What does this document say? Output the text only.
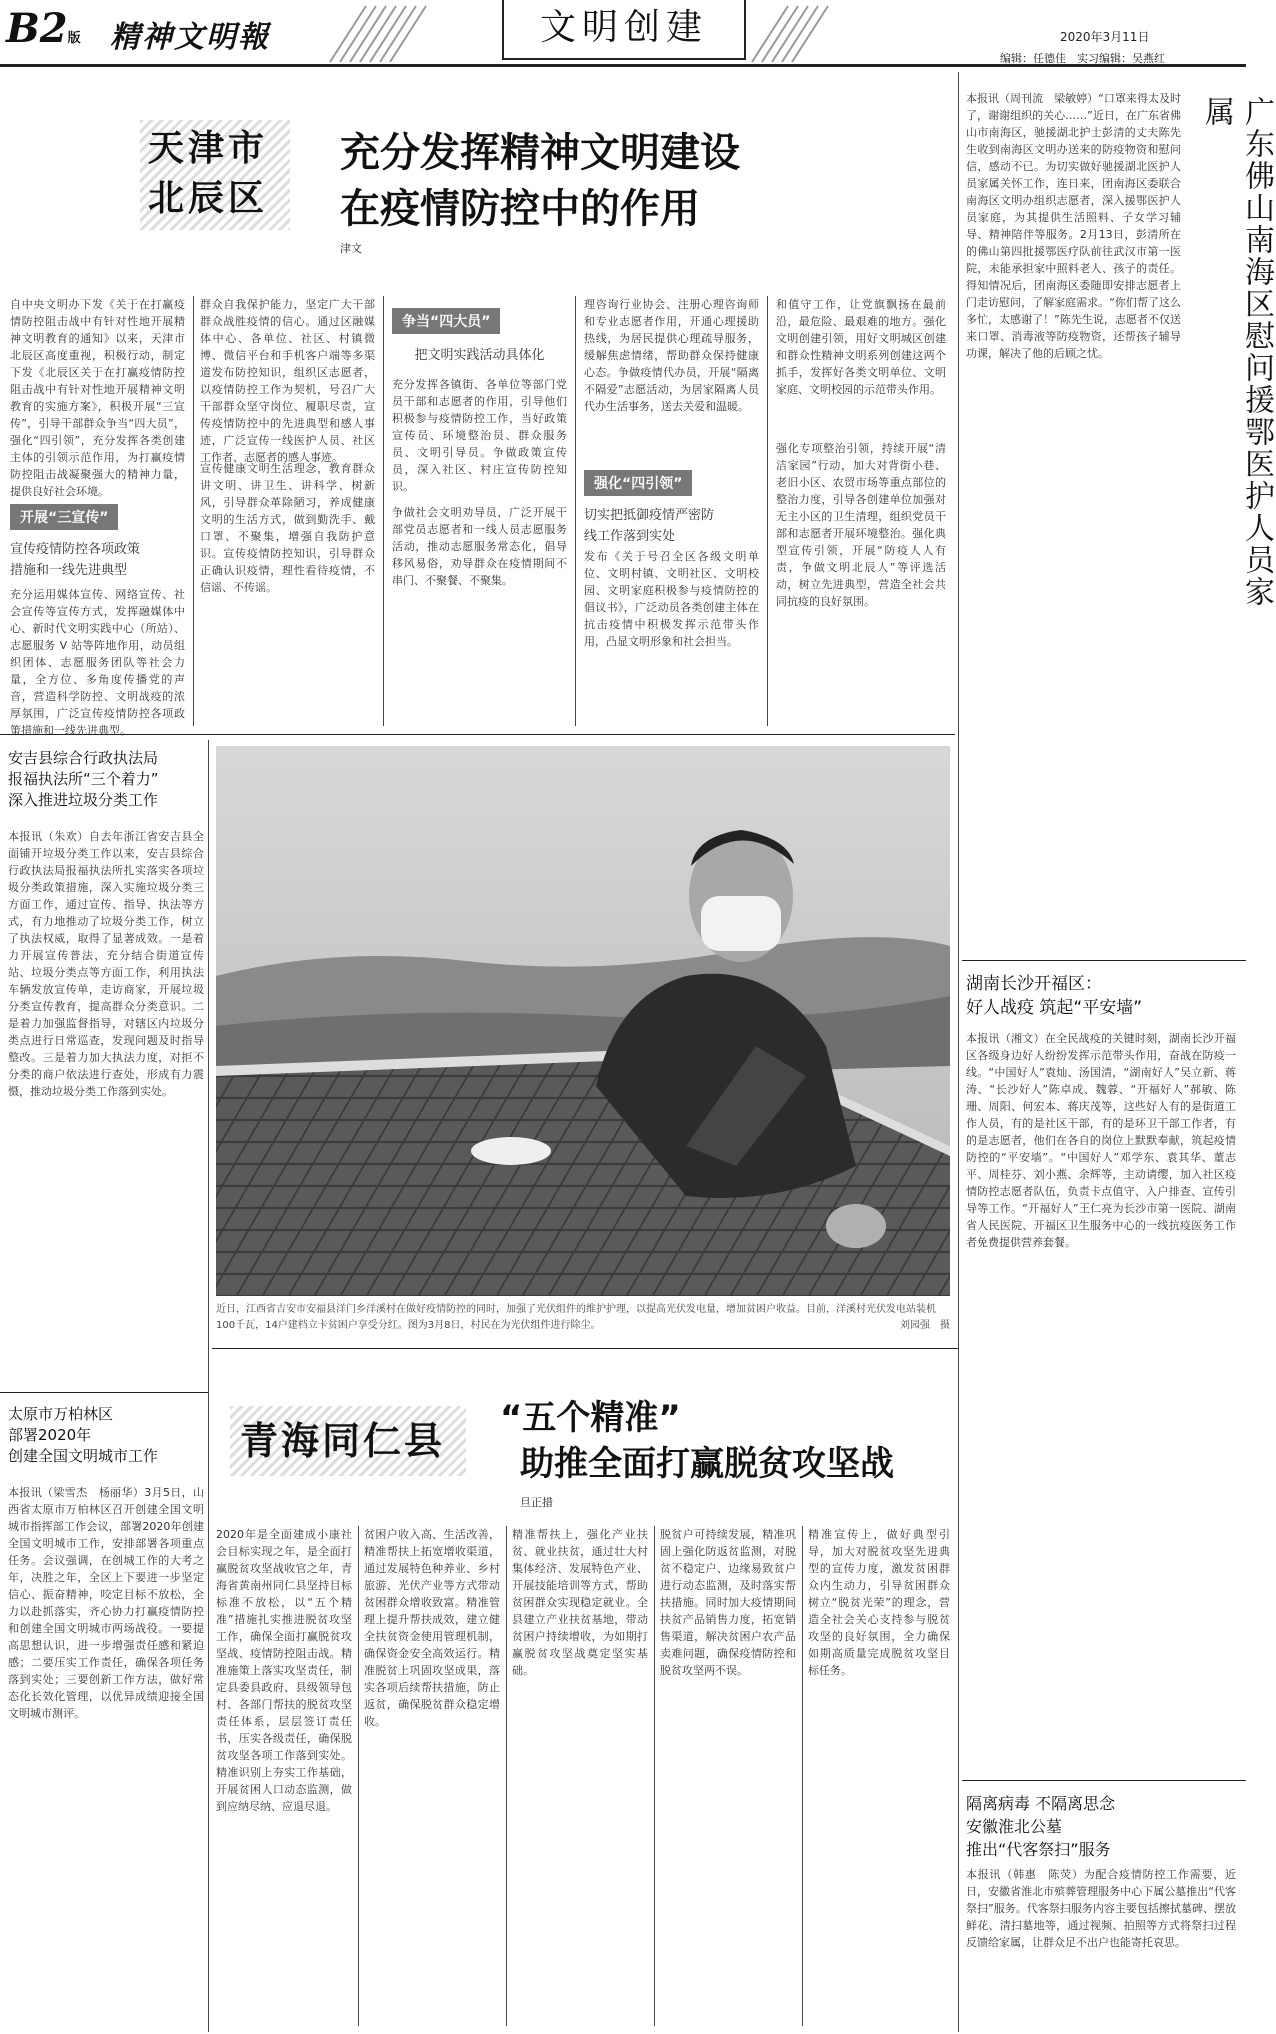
B2版 精神文明報	文明创建	2020年3月11日
编辑：任德佳　实习编辑：吴燕红
天津市
北辰区
充分发挥精神文明建设
在疫情防控中的作用
津文
自中央文明办下发《关于在打赢疫情防控阻击战中有针对性地开展精神文明教育的通知》以来，天津市北辰区高度重视，积极行动，制定下发《北辰区关于在打赢疫情防控阻击战中有针对性地开展精神文明教育的实施方案》，积极开展“三宣传”，引导干部群众争当“四大员”，强化“四引领”，充分发挥各类创建主体的引领示范作用，为打赢疫情防控阻击战凝聚强大的精神力量，提供良好社会环境。
开展“三宣传”
宣传疫情防控各项政策
措施和一线先进典型
充分运用媒体宣传、网络宣传、社会宣传等宣传方式，发挥融媒体中心、新时代文明实践中心（所站）、志愿服务 V 站等阵地作用，动员组织团体、志愿服务团队等社会力量，全方位、多角度传播党的声音，营造科学防控、文明战疫的浓厚氛围，广泛宣传疫情防控各项政策措施和一线先进典型。
群众自我保护能力，坚定广大干部群众战胜疫情的信心。通过区融媒体中心、各单位、社区、村镇微博、微信平台和手机客户端等多渠道发布防控知识，组织区志愿者，以疫情防控工作为契机，号召广大干部群众坚守岗位、履职尽责，宣传疫情防控中的先进典型和感人事迹，广泛宣传一线医护人员、社区工作者、志愿者的感人事迹。
宣传健康文明生活理念，教育群众讲文明、讲卫生、讲科学、树新风，引导群众革除陋习，养成健康文明的生活方式，做到勤洗手、戴口罩、不聚集，增强自我防护意识。宣传疫情防控知识，引导群众正确认识疫情，理性看待疫情，不信谣、不传谣。
争当“四大员”
把文明实践活动具体化
充分发挥各镇街、各单位等部门党员干部和志愿者的作用，引导他们积极参与疫情防控工作，当好政策宣传员、环境整治员、群众服务员、文明引导员。争做政策宣传员，深入社区、村庄宣传防控知识。
争做社会文明劝导员，广泛开展干部党员志愿者和一线人员志愿服务活动，推动志愿服务常态化，倡导移风易俗，劝导群众在疫情期间不串门、不聚餐、不聚集。
理咨询行业协会、注册心理咨询师和专业志愿者作用，开通心理援助热线，为居民提供心理疏导服务，缓解焦虑情绪，帮助群众保持健康心态。争做疫情代办员，开展“隔离不隔爱”志愿活动，为居家隔离人员代办生活事务，送去关爱和温暖。
强化“四引领”
切实把抵御疫情严密防
线工作落到实处
发布《关于号召全区各级文明单位、文明村镇、文明社区、文明校园、文明家庭积极参与疫情防控的倡议书》，广泛动员各类创建主体在抗击疫情中积极发挥示范带头作用，凸显文明形象和社会担当。
和值守工作，让党旗飘扬在最前沿，最危险、最艰难的地方。强化文明创建引领，用好文明城区创建和群众性精神文明系列创建这两个抓手，发挥好各类文明单位、文明家庭、文明校园的示范带头作用。
强化专项整治引领，持续开展“清洁家园”行动，加大对背街小巷、老旧小区、农贸市场等重点部位的整治力度，引导各创建单位加强对无主小区的卫生清理，组织党员干部和志愿者开展环境整治。强化典型宣传引领，开展“防疫人人有责，争做文明北辰人”等评选活动，树立先进典型，营造全社会共同抗疫的良好氛围。
本报讯（周刊流　梁敏婷）“口罩来得太及时了，谢谢组织的关心……”近日，在广东省佛山市南海区，驰援湖北护士彭清的丈夫陈先生收到南海区文明办送来的防疫物资和慰问信，感动不已。为切实做好驰援湖北医护人员家属关怀工作，连日来，团南海区委联合南海区文明办组织志愿者，深入援鄂医护人员家庭，为其提供生活照料、子女学习辅导、精神陪伴等服务。2月13日，彭清所在的佛山第四批援鄂医疗队前往武汉市第一医院，未能承担家中照料老人、孩子的责任。得知情况后，团南海区委随即安排志愿者上门走访慰问，了解家庭需求。“你们帮了这么多忙，太感谢了！”陈先生说，志愿者不仅送来口罩、消毒液等防疫物资，还帮孩子辅导功课，解决了他的后顾之忧。	广东佛山南海区慰问援鄂医护人员家属
湖南长沙开福区：
好人战疫 筑起“平安墙”
本报讯（湘文）在全民战疫的关键时刻，湖南长沙开福区各级身边好人纷纷发挥示范带头作用，奋战在防疫一线。“中国好人”袁灿、汤国清，“湖南好人”吴立新、蒋涛、“长沙好人”陈卓成、魏蓉、“开福好人”郝敏、陈珊、周阳、何宏本、蒋庆茂等，这些好人有的是街道工作人员，有的是社区干部，有的是环卫干部工作者，有的是志愿者，他们在各自的岗位上默默奉献，筑起疫情防控的“平安墙”。“中国好人”邓学东、袁其华、董志平、周桂芬、刘小燕、余辉等，主动请缨，加入社区疫情防控志愿者队伍，负责卡点值守、入户排查、宣传引导等工作。“开福好人”王仁亮为长沙市第一医院、湖南省人民医院、开福区卫生服务中心的一线抗疫医务工作者免费提供营养套餐。
隔离病毒 不隔离思念
安徽淮北公墓
推出“代客祭扫”服务
本报讯（韩惠　陈荧）为配合疫情防控工作需要，近日，安徽省淮北市殡葬管理服务中心下属公墓推出“代客祭扫”服务。代客祭扫服务内容主要包括擦拭墓碑、摆放鲜花、清扫墓地等，通过视频、拍照等方式将祭扫过程反馈给家属，让群众足不出户也能寄托哀思。
安吉县综合行政执法局
报福执法所“三个着力”
深入推进垃圾分类工作
本报讯（朱欢）自去年浙江省安吉县全面铺开垃圾分类工作以来，安吉县综合行政执法局报福执法所扎实落实各项垃圾分类政策措施，深入实施垃圾分类三方面工作，通过宣传、指导、执法等方式，有力地推动了垃圾分类工作，树立了执法权威，取得了显著成效。一是着力开展宣传普法，充分结合街道宣传站、垃圾分类点等方面工作，利用执法车辆发放宣传单，走访商家，开展垃圾分类宣传教育，提高群众分类意识。二是着力加强监督指导，对辖区内垃圾分类点进行日常巡查，发现问题及时指导整改。三是着力加大执法力度，对拒不分类的商户依法进行查处，形成有力震慑，推动垃圾分类工作落到实处。
太原市万柏林区
部署2020年
创建全国文明城市工作
本报讯（梁雪杰　杨丽华）3月5日，山西省太原市万柏林区召开创建全国文明城市指挥部工作会议，部署2020年创建全国文明城市工作，安排部署各项重点任务。会议强调，在创城工作的大考之年，决胜之年，全区上下要进一步坚定信心、振奋精神，咬定目标不放松，全力以赴抓落实，齐心协力打赢疫情防控和创建全国文明城市两场战役。一要提高思想认识，进一步增强责任感和紧迫感；二要压实工作责任，确保各项任务落到实处；三要创新工作方法，做好常态化长效化管理，以优异成绩迎接全国文明城市测评。
近日，江西省吉安市安福县洋门乡洋溪村在做好疫情防控的同时，加强了光伏组件的维护护理，以提高光伏发电量，增加贫困户收益。目前，洋溪村光伏发电站装机100千瓦，14户建档立卡贫困户享受分红。图为3月8日，村民在为光伏组件进行除尘。	刘园强　摄
青海同仁县
“五个精准”
助推全面打赢脱贫攻坚战
旦正措
2020年是全面建成小康社会目标实现之年，是全面打赢脱贫攻坚战收官之年，青海省黄南州同仁县坚持目标标准不放松，以“五个精准”措施扎实推进脱贫攻坚工作，确保全面打赢脱贫攻坚战、疫情防控阻击战。精准施策上落实攻坚责任，制定县委县政府、县级领导包村、各部门帮扶的脱贫攻坚责任体系，层层签订责任书，压实各级责任，确保脱贫攻坚各项工作落到实处。精准识别上夯实工作基础，开展贫困人口动态监测，做到应纳尽纳、应退尽退。
贫困户收入高、生活改善，精准帮扶上拓宽增收渠道，通过发展特色种养业、乡村旅游、光伏产业等方式带动贫困群众增收致富。精准管理上提升帮扶成效，建立健全扶贫资金使用管理机制，确保资金安全高效运行。精准脱贫上巩固攻坚成果，落实各项后续帮扶措施，防止返贫，确保脱贫群众稳定增收。
精准帮扶上，强化产业扶贫、就业扶贫，通过壮大村集体经济、发展特色产业、开展技能培训等方式，帮助贫困群众实现稳定就业。全县建立产业扶贫基地，带动贫困户持续增收，为如期打赢脱贫攻坚战奠定坚实基础。
脱贫户可持续发展，精准巩固上强化防返贫监测，对脱贫不稳定户、边缘易致贫户进行动态监测，及时落实帮扶措施。同时加大疫情期间扶贫产品销售力度，拓宽销售渠道，解决贫困户农产品卖难问题，确保疫情防控和脱贫攻坚两不误。
精准宣传上，做好典型引导，加大对脱贫攻坚先进典型的宣传力度，激发贫困群众内生动力，引导贫困群众树立“脱贫光荣”的理念，营造全社会关心支持参与脱贫攻坚的良好氛围，全力确保如期高质量完成脱贫攻坚目标任务。
